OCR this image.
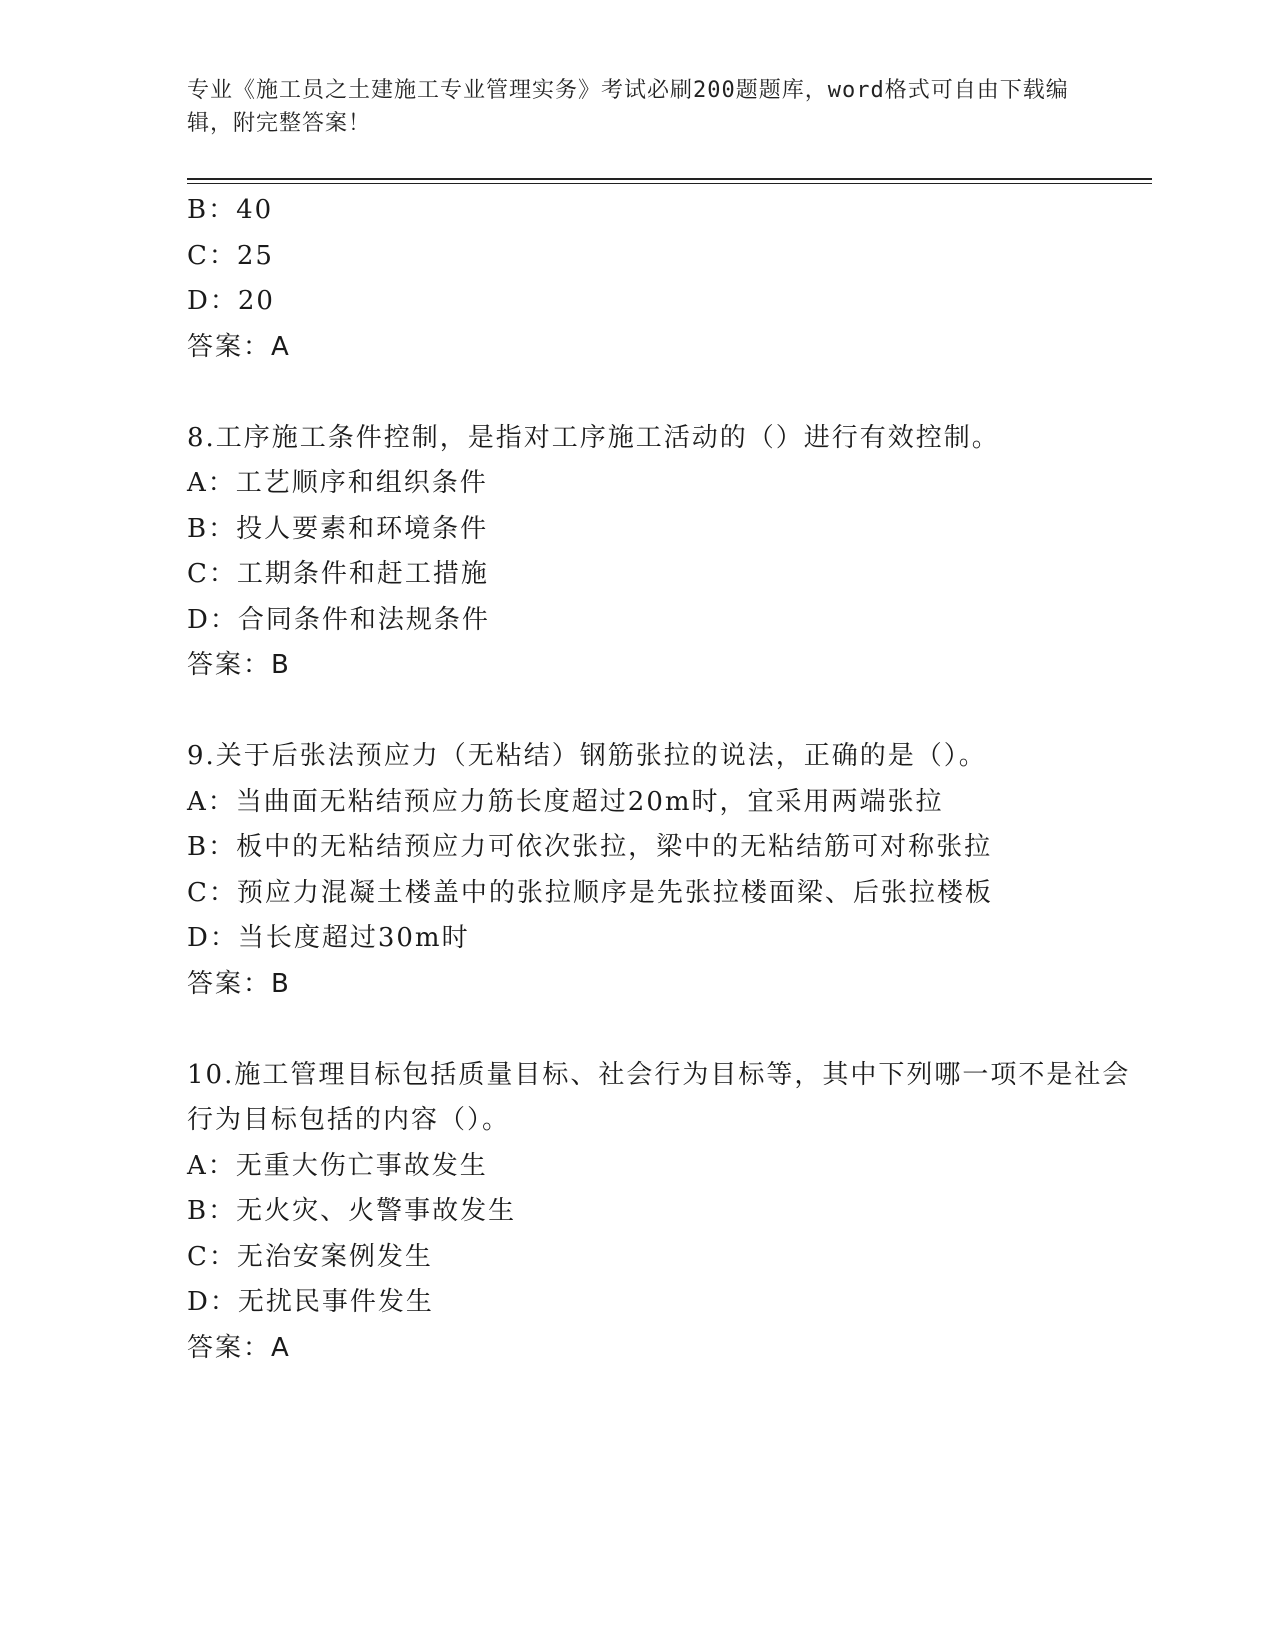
专业《施工员之土建施工专业管理实务》考试必刷200题题库，word格式可自由下载编辑，附完整答案！
B：40
C：25
D：20
答案：A
8.工序施工条件控制，是指对工序施工活动的（）进行有效控制。
A：工艺顺序和组织条件
B：投人要素和环境条件
C：工期条件和赶工措施
D：合同条件和法规条件
答案：B
9.关于后张法预应力（无粘结）钢筋张拉的说法，正确的是（）。
A：当曲面无粘结预应力筋长度超过20m时，宜采用两端张拉
B：板中的无粘结预应力可依次张拉，梁中的无粘结筋可对称张拉
C：预应力混凝土楼盖中的张拉顺序是先张拉楼面梁、后张拉楼板
D：当长度超过30m时
答案：B
10.施工管理目标包括质量目标、社会行为目标等，其中下列哪一项不是社会行为目标包括的内容（）。
A：无重大伤亡事故发生
B：无火灾、火警事故发生
C：无治安案例发生
D：无扰民事件发生
答案：A
